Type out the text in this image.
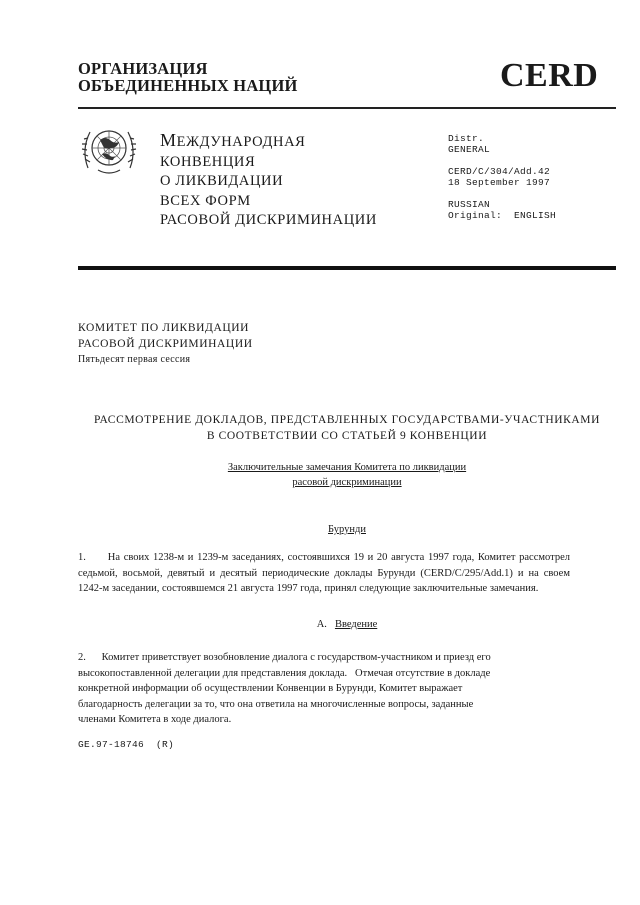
ОРГАНИЗАЦИЯ
ОБЪЕДИНЕННЫХ НАЦИЙ	CERD
МЕЖДУНАРОДНАЯ
КОНВЕНЦИЯ
О ЛИКВИДАЦИИ
ВСЕХ ФОРМ
РАСОВОЙ ДИСКРИМИНАЦИИ
Distr.
GENERAL
CERD/C/304/Add.42
18 September 1997
RUSSIAN
Original:  ENGLISH
КОМИТЕТ ПО ЛИКВИДАЦИИ
РАСОВОЙ ДИСКРИМИНАЦИИ
Пятьдесят первая сессия
РАССМОТРЕНИЕ ДОКЛАДОВ, ПРЕДСТАВЛЕННЫХ ГОСУДАРСТВАМИ-УЧАСТНИКАМИ
В СООТВЕТСТВИИ СО СТАТЬЕЙ 9 КОНВЕНЦИИ
Заключительные замечания Комитета по ликвидации
расовой дискриминации
Бурунди
1. На своих 1238-м и 1239-м заседаниях, состоявшихся 19 и 20 августа 1997 года, Комитет рассмотрел седьмой, восьмой, девятый и десятый периодические доклады Бурунди (CERD/C/295/Add.1) и на своем 1242-м заседании, состоявшемся 21 августа 1997 года, принял следующие заключительные замечания.
A. Введение
2. Комитет приветствует возобновление диалога с государством-участником и приезд его
высокопоставленной делегации для представления доклада.   Отмечая отсутствие в докладе
конкретной информации об осуществлении Конвенции в Бурунди, Комитет выражает
благодарность делегации за то, что она ответила на многочисленные вопросы, заданные
членами Комитета в ходе диалога.
GE.97-18746  (R)
